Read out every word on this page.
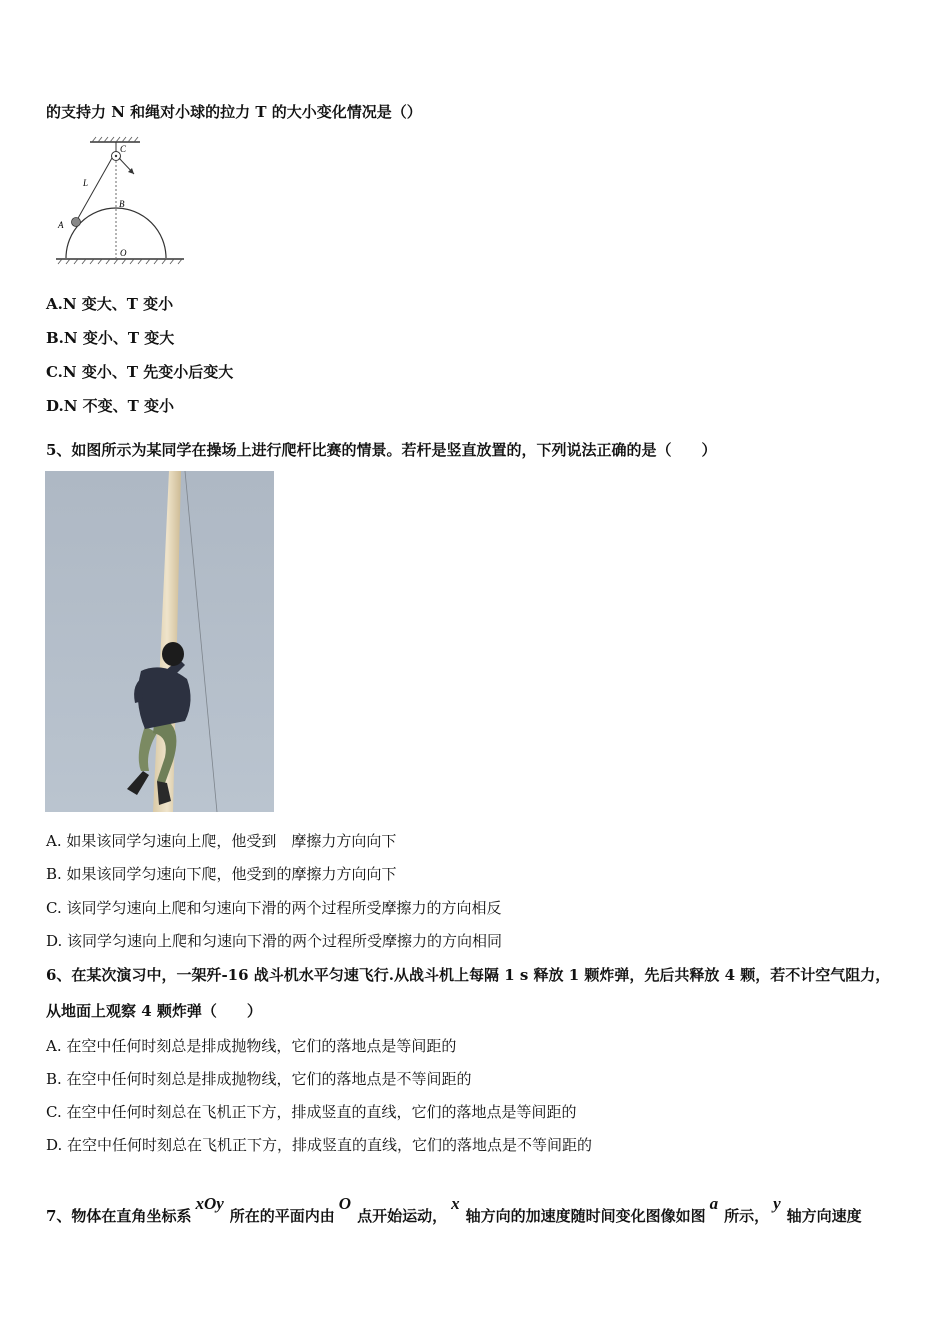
的支持力 N 和绳对小球的拉力 T 的大小变化情况是（）
C
L
A
B
O
A.N 变大、T 变小
B.N 变小、T 变大
C.N 变小、T 先变小后变大
D.N 不变、T 变小
5、如图所示为某同学在操场上进行爬杆比赛的情景。若杆是竖直放置的，下列说法正确的是（　　）
A. 如果该同学匀速向上爬，他受到　摩擦力方向向下
B. 如果该同学匀速向下爬，他受到的摩擦力方向向下
C. 该同学匀速向上爬和匀速向下滑的两个过程所受摩擦力的方向相反
D. 该同学匀速向上爬和匀速向下滑的两个过程所受摩擦力的方向相同
6、在某次演习中，一架歼-16 战斗机水平匀速飞行.从战斗机上每隔 1 s 释放 1 颗炸弹，先后共释放 4 颗，若不计空气阻力，
从地面上观察 4 颗炸弹（　　）
A. 在空中任何时刻总是排成抛物线，它们的落地点是等间距的
B. 在空中任何时刻总是排成抛物线，它们的落地点是不等间距的
C. 在空中任何时刻总在飞机正下方，排成竖直的直线，它们的落地点是等间距的
D. 在空中任何时刻总在飞机正下方，排成竖直的直线，它们的落地点是不等间距的
7、物体在直角坐标系xOy所在的平面内由O点开始运动，x轴方向的加速度随时间变化图像如图a所示，y轴方向速度
